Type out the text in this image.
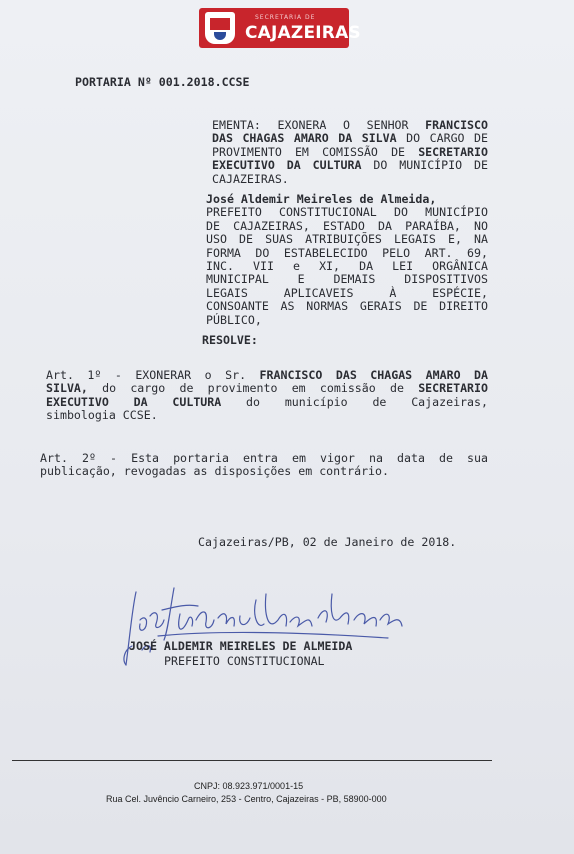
SECRETARIA DE
CAJAZEIRAS
PORTARIA Nº 001.2018.CCSE
EMENTA: EXONERA O SENHOR FRANCISCO
DAS CHAGAS AMARO DA SILVA DO CARGO DE
PROVIMENTO EM COMISSÃO DE SECRETARIO
EXECUTIVO DA CULTURA DO MUNICÍPIO DE
CAJAZEIRAS.
José Aldemir Meireles de Almeida,
PREFEITO CONSTITUCIONAL DO MUNICÍPIO
DE CAJAZEIRAS, ESTADO DA PARAÍBA, NO
USO DE SUAS ATRIBUIÇÕES LEGAIS E, NA
FORMA DO ESTABELECIDO PELO ART. 69,
INC. VII e XI, DA LEI ORGÂNICA
MUNICIPAL E DEMAIS DISPOSITIVOS
LEGAIS APLICAVEIS À ESPÉCIE,
CONSOANTE AS NORMAS GERAIS DE DIREITO
PÚBLICO,
RESOLVE:
Art. 1º - EXONERAR o Sr. FRANCISCO DAS CHAGAS AMARO DA
SILVA, do cargo de provimento em comissão de SECRETARIO
EXECUTIVO DA CULTURA do município de Cajazeiras,
simbologia CCSE.
Art. 2º - Esta portaria entra em vigor na data de sua
publicação, revogadas as disposições em contrário.
Cajazeiras/PB, 02 de Janeiro de 2018.
JOSÉ ALDEMIR MEIRELES DE ALMEIDA
PREFEITO CONSTITUCIONAL
CNPJ: 08.923.971/0001-15
Rua Cel. Juvêncio Carneiro, 253 - Centro, Cajazeiras - PB, 58900-000
